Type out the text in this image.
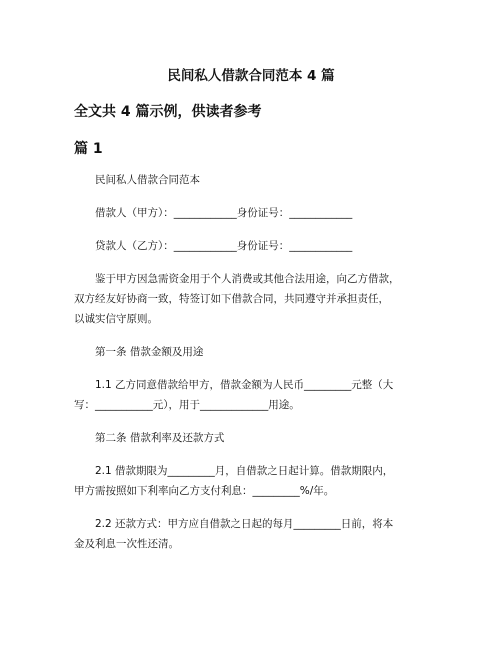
民间私人借款合同范本 4 篇
全文共 4 篇示例，供读者参考
篇 1
民间私人借款合同范本
借款人（甲方）：____________身份证号：____________
贷款人（乙方）：____________身份证号：____________
鉴于甲方因急需资金用于个人消费或其他合法用途，向乙方借款，
双方经友好协商一致，特签订如下借款合同，共同遵守并承担责任，
以诚实信守原则。
第一条 借款金额及用途
1.1 乙方同意借款给甲方，借款金额为人民币_________元整（大
写：___________元），用于_____________用途。
第二条 借款利率及还款方式
2.1 借款期限为_________月，自借款之日起计算。借款期限内，
甲方需按照如下利率向乙方支付利息：_________%/年。
2.2 还款方式：甲方应自借款之日起的每月_________日前，将本
金及利息一次性还清。
